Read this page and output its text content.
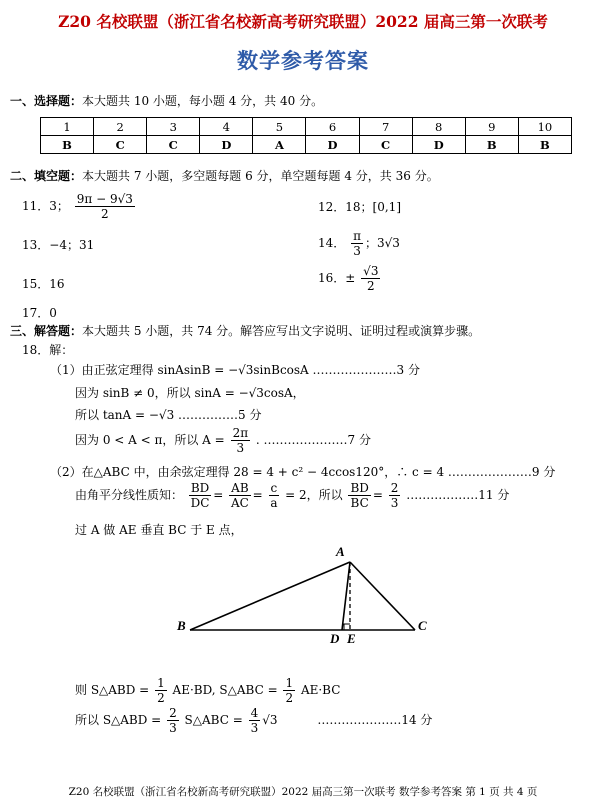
Z20 名校联盟（浙江省名校新高考研究联盟）2022 届高三第一次联考
数学参考答案
一、选择题：本大题共 10 小题，每小题 4 分，共 40 分。
1	2	3	4	5	6	7	8	9	10
B	C	C	D	A	D	C	D	B	B
二、填空题：本大题共 7 小题，多空题每题 6 分，单空题每题 4 分，共 36 分。
11．3； $\frac{9\pi - 9√3}{2}$	12．18；[0,1]
13．−4；31	14． $\frac{\pi}{3}$ ；3√3
15．16	16．± $\frac{√3}{2}$
17．0
三、解答题：本大题共 5 小题，共 74 分。解答应写出文字说明、证明过程或演算步骤。
18．解：
（1）由正弦定理得 sinAsinB = −√3sinBcosA …………………3 分
因为 sinB ≠ 0，所以 sinA = −√3cosA，
所以 tanA = −√3 ……………5 分
因为 0 < A < π，所以 $A = \frac{2\pi}{3}$ . …………………7 分
（2）在△ABC 中，由余弦定理得 28 = 4 + c² − 4ccos120°，∴ c = 4 …………………9 分
由角平分线性质知： $\frac{BD}{DC} = \frac{AB}{AC} = \frac{c}{a} = 2$，所以 $\frac{BD}{BC} = \frac{2}{3}$ ………………11 分
过 A 做 AE 垂直 BC 于 E 点，
A
B	C
D E
则 S△ABD = $\frac{1}{2} AE\cdot BD$, S△ABC = $\frac{1}{2} AE\cdot BC$
所以 S△ABD = $\frac{2}{3}$ S△ABC = $\frac{4}{3} √3$	…………………14 分
Z20 名校联盟（浙江省名校新高考研究联盟）2022 届高三第一次联考 数学参考答案 第 1 页 共 4 页
